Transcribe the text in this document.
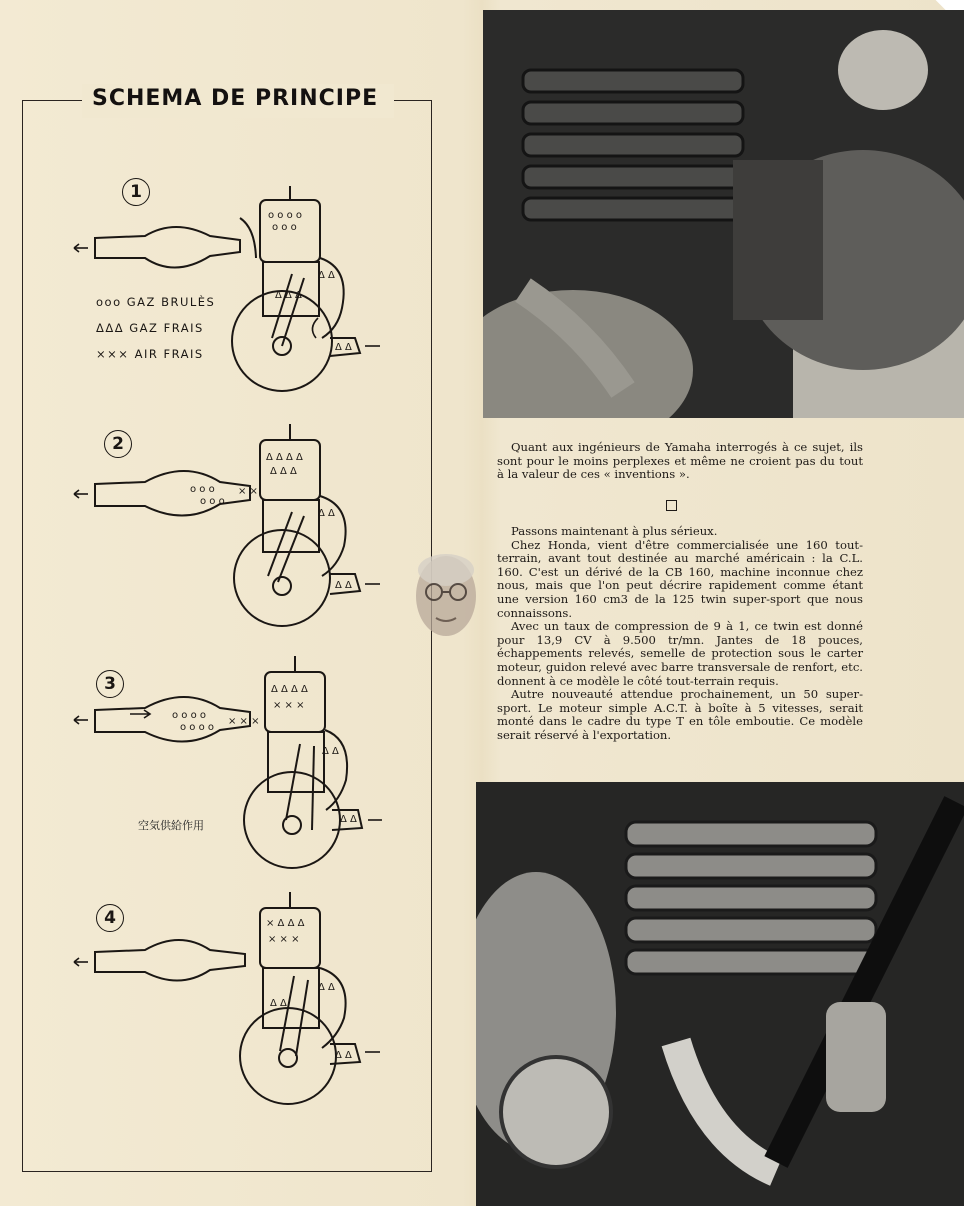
SCHEMA DE PRINCIPE
1
o o o o
o o o
Δ Δ Δ
Δ Δ
Δ Δ
ooo GAZ BRULÈS
ΔΔΔ GAZ FRAIS
××× AIR FRAIS
2
Δ Δ Δ Δ
Δ Δ Δ
o o o
o o o
× ×
Δ Δ
Δ Δ
3	Δ Δ Δ Δ
× × ×
o o o o
o o o o
× × ×
Δ Δ
Δ Δ
空気供給作用
4	× Δ Δ Δ
× × ×
Δ Δ
Δ Δ
Δ Δ

Quant aux ingénieurs de Yamaha interrogés à ce sujet, ils sont pour le moins perplexes et même ne croient pas du tout à la valeur de ces « inventions ».

Passons maintenant à plus sérieux.

Chez Honda, vient d'être commercialisée une 160 tout-terrain, avant tout destinée au marché américain : la C.L. 160. C'est un dérivé de la CB 160, machine inconnue chez nous, mais que l'on peut décrire rapidement comme étant une version 160 cm3 de la 125 twin super-sport que nous connaissons.

Avec un taux de compression de 9 à 1, ce twin est donné pour 13,9 CV à 9.500 tr/mn. Jantes de 18 pouces, échappements relevés, semelle de protection sous le carter moteur, guidon relevé avec barre transversale de renfort, etc. donnent à ce modèle le côté tout-terrain requis.

Autre nouveauté attendue prochainement, un 50 super-sport. Le moteur simple A.C.T. à boîte à 5 vitesses, serait monté dans le cadre du type T en tôle emboutie. Ce modèle serait réservé à l'exportation.
